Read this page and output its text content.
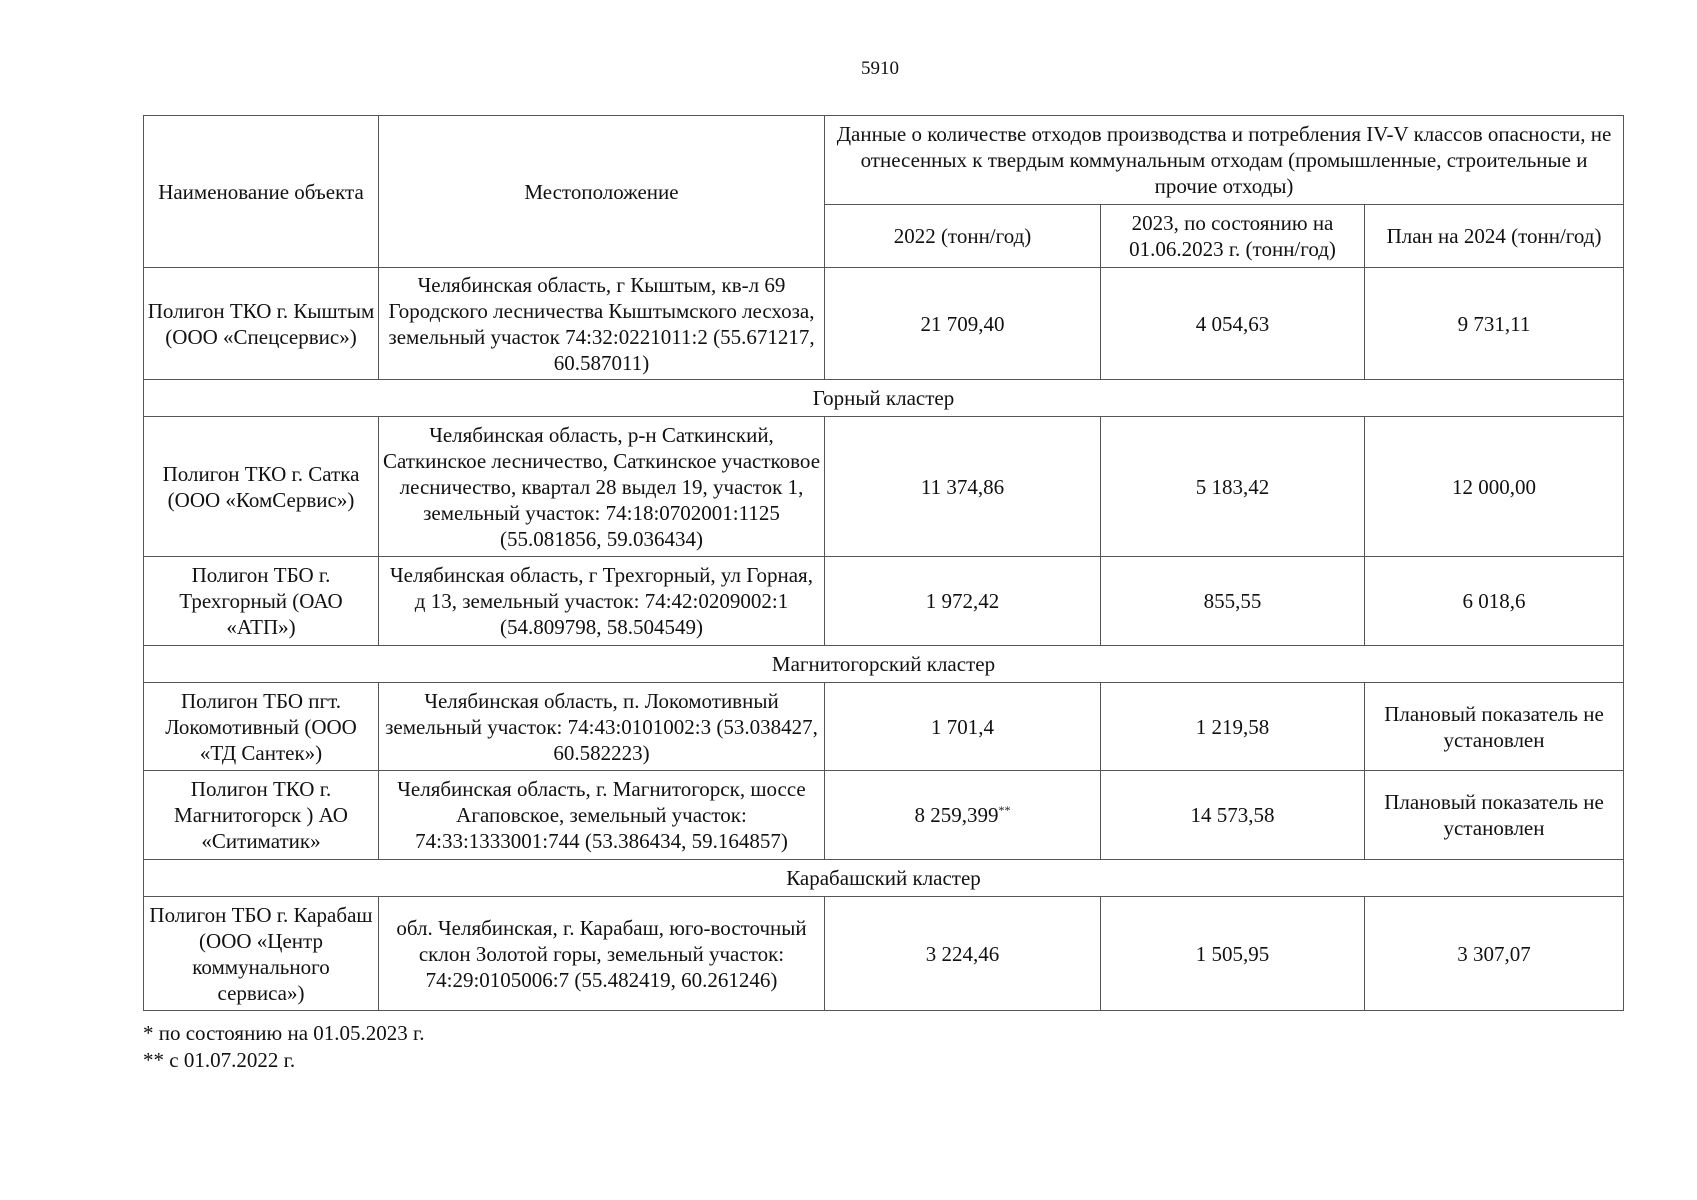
5910
Наименование объекта	Местоположение	Данные о количестве отходов производства и потребления IV-V классов опасности, не отнесенных к твердым коммунальным отходам (промышленные, строительные и прочие отходы)		
		2022 (тонн/год)	2023, по состоянию на 01.06.2023 г. (тонн/год)	План на 2024 (тонн/год)
Полигон ТКО г. Кыштым (ООО «Спецсервис»)	Челябинская область, г Кыштым, кв-л 69 Городского лесничества Кыштымского лесхоза, земельный участок 74:32:0221011:2 (55.671217, 60.587011)	21 709,40	4 054,63	9 731,11
Горный кластер				
Полигон ТКО г. Сатка (ООО «КомСервис»)	Челябинская область, р-н Саткинский, Саткинское лесничество, Саткинское участковое лесничество, квартал 28 выдел 19, участок 1, земельный участок: 74:18:0702001:1125 (55.081856, 59.036434)	11 374,86	5 183,42	12 000,00
Полигон ТБО г. Трехгорный (ОАО «АТП»)	Челябинская область, г Трехгорный, ул Горная, д 13, земельный участок: 74:42:0209002:1 (54.809798, 58.504549)	1 972,42	855,55	6 018,6
Магнитогорский кластер				
Полигон ТБО пгт. Локомотивный (ООО «ТД Сантек»)	Челябинская область, п. Локомотивный земельный участок: 74:43:0101002:3 (53.038427, 60.582223)	1 701,4	1 219,58	Плановый показатель не установлен
Полигон ТКО г. Магнитогорск ) АО «Ситиматик»	Челябинская область, г. Магнитогорск, шоссе Агаповское, земельный участок: 74:33:1333001:744 (53.386434, 59.164857)	8 259,399**	14 573,58	Плановый показатель не установлен
Карабашский кластер				
Полигон ТБО г. Карабаш (ООО «Центр коммунального сервиса»)	обл. Челябинская, г. Карабаш, юго-восточный склон Золотой горы, земельный участок: 74:29:0105006:7 (55.482419, 60.261246)	3 224,46	1 505,95	3 307,07
* по состоянию на 01.05.2023 г.
** с 01.07.2022 г.
